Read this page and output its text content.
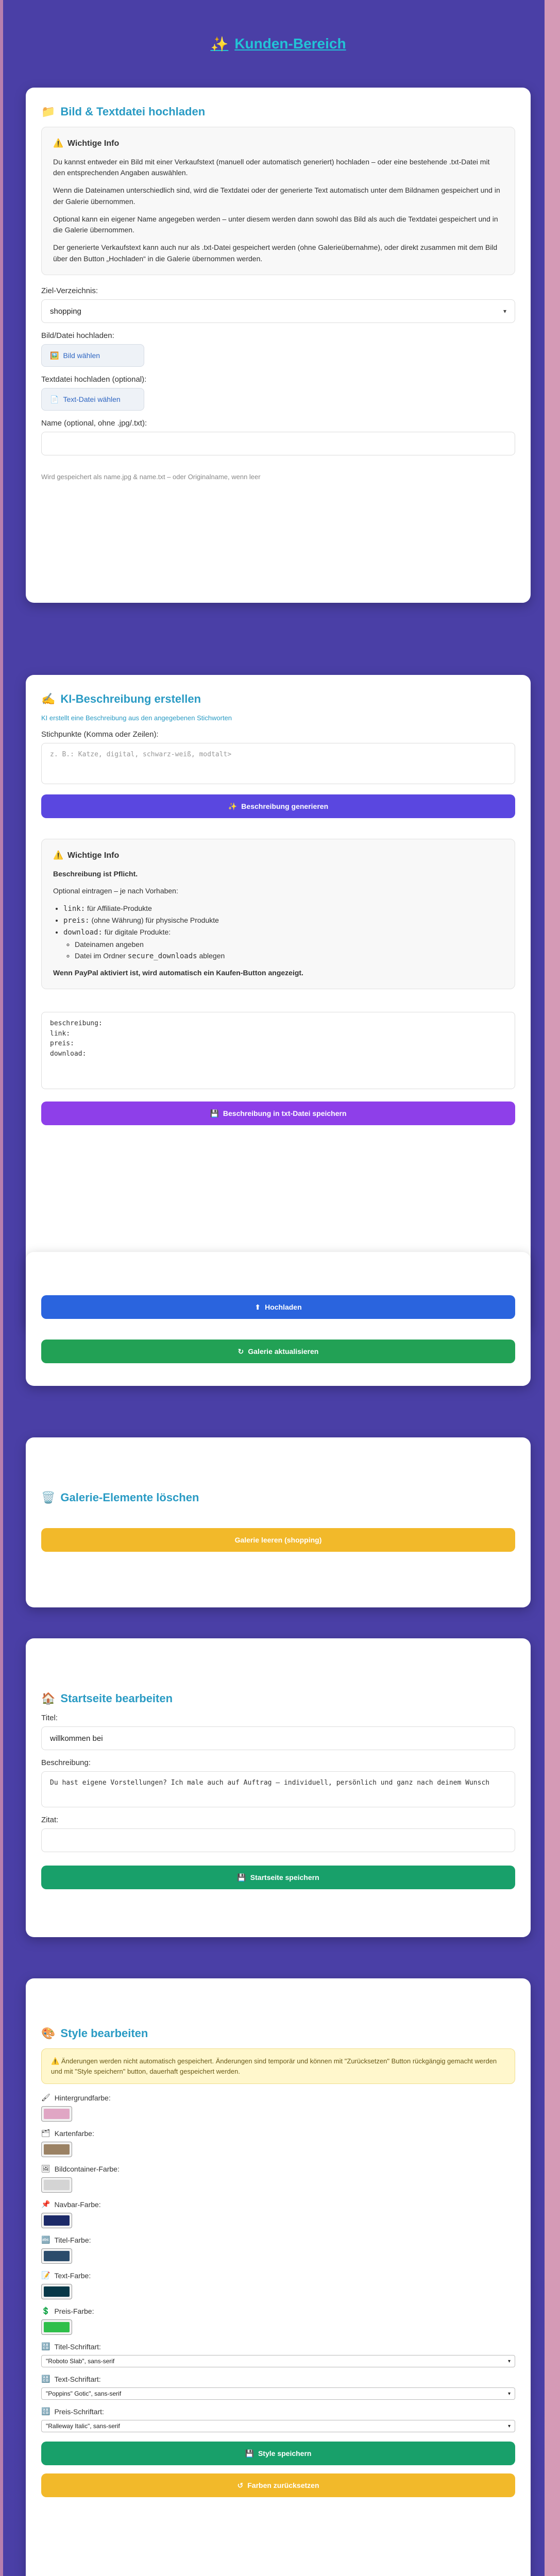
✨ Kunden-Bereich
📁 Bild & Textdatei hochladen
⚠️ Wichtige Info

Du kannst entweder ein Bild mit einer Verkaufstext (manuell oder automatisch generiert) hochladen – oder eine bestehende .txt-Datei mit den entsprechenden Angaben auswählen.

Wenn die Dateinamen unterschiedlich sind, wird die Textdatei oder der generierte Text automatisch unter dem Bildnamen gespeichert und in der Galerie übernommen.

Optional kann ein eigener Name angegeben werden – unter diesem werden dann sowohl das Bild als auch die Textdatei gespeichert und in die Galerie übernommen.

Der generierte Verkaufstext kann auch nur als .txt-Datei gespeichert werden (ohne Galerieübernahme), oder direkt zusammen mit dem Bild über den Button „Hochladen“ in die Galerie übernommen werden.

Ziel-Verzeichnis:
shopping	▾
Bild/Datei hochladen:
🖼️ Bild wählen
Textdatei hochladen (optional):
📄 Text-Datei wählen
Name (optional, ohne .jpg/.txt):
Wird gespeichert als name.jpg & name.txt – oder Originalname, wenn leer
✍️ KI-Beschreibung erstellen
KI erstellt eine Beschreibung aus den angegebenen Stichworten
Stichpunkte (Komma oder Zeilen):
z. B.: Katze, digital, schwarz-weiß, modtalt>
✨ Beschreibung generieren
⚠️ Wichtige Info

Beschreibung ist Pflicht.

Optional eintragen – je nach Vorhaben:

• link: für Affiliate-Produkte
• preis: (ohne Währung) für physische Produkte
• download: für digitale Produkte:
◦ Dateinamen angeben
◦ Datei im Ordner secure_downloads ablegen

Wenn PayPal aktiviert ist, wird automatisch ein Kaufen-Button angezeigt.

beschreibung:
link:
preis:
download:
💾 Beschreibung in txt-Datei speichern
⬆ Hochladen
↻ Galerie aktualisieren
🗑️ Galerie-Elemente löschen
Galerie leeren (shopping)
🏠 Startseite bearbeiten
Titel:
willkommen bei
Beschreibung:
Du hast eigene Vorstellungen? Ich male auch auf Auftrag – individuell, persönlich und ganz nach deinem Wunsch
Zitat:
💾 Startseite speichern
🎨 Style bearbeiten
⚠️ Änderungen werden nicht automatisch gespeichert. Änderungen sind temporär und können mit "Zurücksetzen" Button rückgängig gemacht werden und mit "Style speichern" button, dauerhaft gespeichert werden.
🖌 Hintergrundfarbe:
🗂 Kartenfarbe:
🖼 Bildcontainer-Farbe:
📌 Navbar-Farbe:
🔤 Titel-Farbe:
📝 Text-Farbe:
💲 Preis-Farbe:
🔠 Titel-Schriftart:
"Roboto Slab", sans-serif	▾
🔠 Text-Schriftart:
"Poppins" Gotic", sans-serif	▾
🔠 Preis-Schriftart:
"Ralleway Italic", sans-serif	▾
💾 Style speichern
↺ Farben zurücksetzen
